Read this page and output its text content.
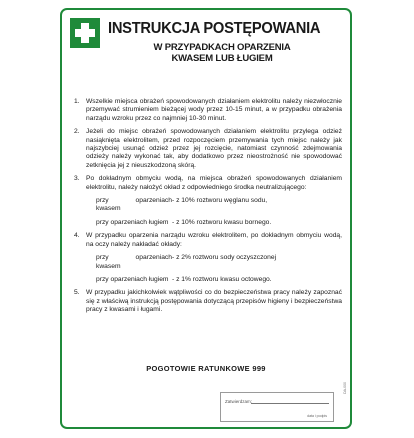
INSTRUKCJA POSTĘPOWANIA
W PRZYPADKACH OPARZENIA
KWASEM LUB ŁUGIEM
1. Wszelkie miejsca obrażeń spowodowanych działaniem elektrolitu należy niezwłocznie przemywać strumieniem bieżącej wody przez 10-15 minut, a w przypadku obrażenia narządu wzroku przez co najmniej 10-30 minut.
2. Jeżeli do miejsc obrażeń spowodowanych działaniem elektrolitu przylega odzież nasiąknięta elektrolitem, przed rozpoczęciem przemywania tych miejsc należy jak najszybciej usunąć odzież przez jej rozcięcie, natomiast czynność zdejmowania odzieży należy wykonać tak, aby dodatkowo przez nieostrożność nie spowodować zetknięcia jej z nieuszkodzoną skórą.
3. Po dokładnym obmyciu wodą, na miejsca obrażeń spowodowanych działaniem elektrolitu, należy nałożyć okład z odpowiedniego środka neutralizującego:
przy oparzeniach kwasem
- z 10% roztworu węglanu sodu,
przy oparzeniach ługiem - z 10% roztworu kwasu bornego.
4. W przypadku oparzenia narządu wzroku elektrolitem, po dokładnym obmyciu wodą, na oczy należy nakładać okłady:
przy oparzeniach kwasem
- z 2% roztworu sody oczyszczonej
przy oparzeniach ługiem - z 1% roztworu kwasu octowego.
5. W przypadku jakichkolwiek wątpliwości co do bezpieczeństwa pracy należy zapoznać się z właściwą instrukcją postępowania dotyczącą przepisów higieny i bezpieczeństwa pracy z kwasami i ługami.
POGOTOWIE RATUNKOWE 999
Zatwierdzam:
data i podpis
DA-000
